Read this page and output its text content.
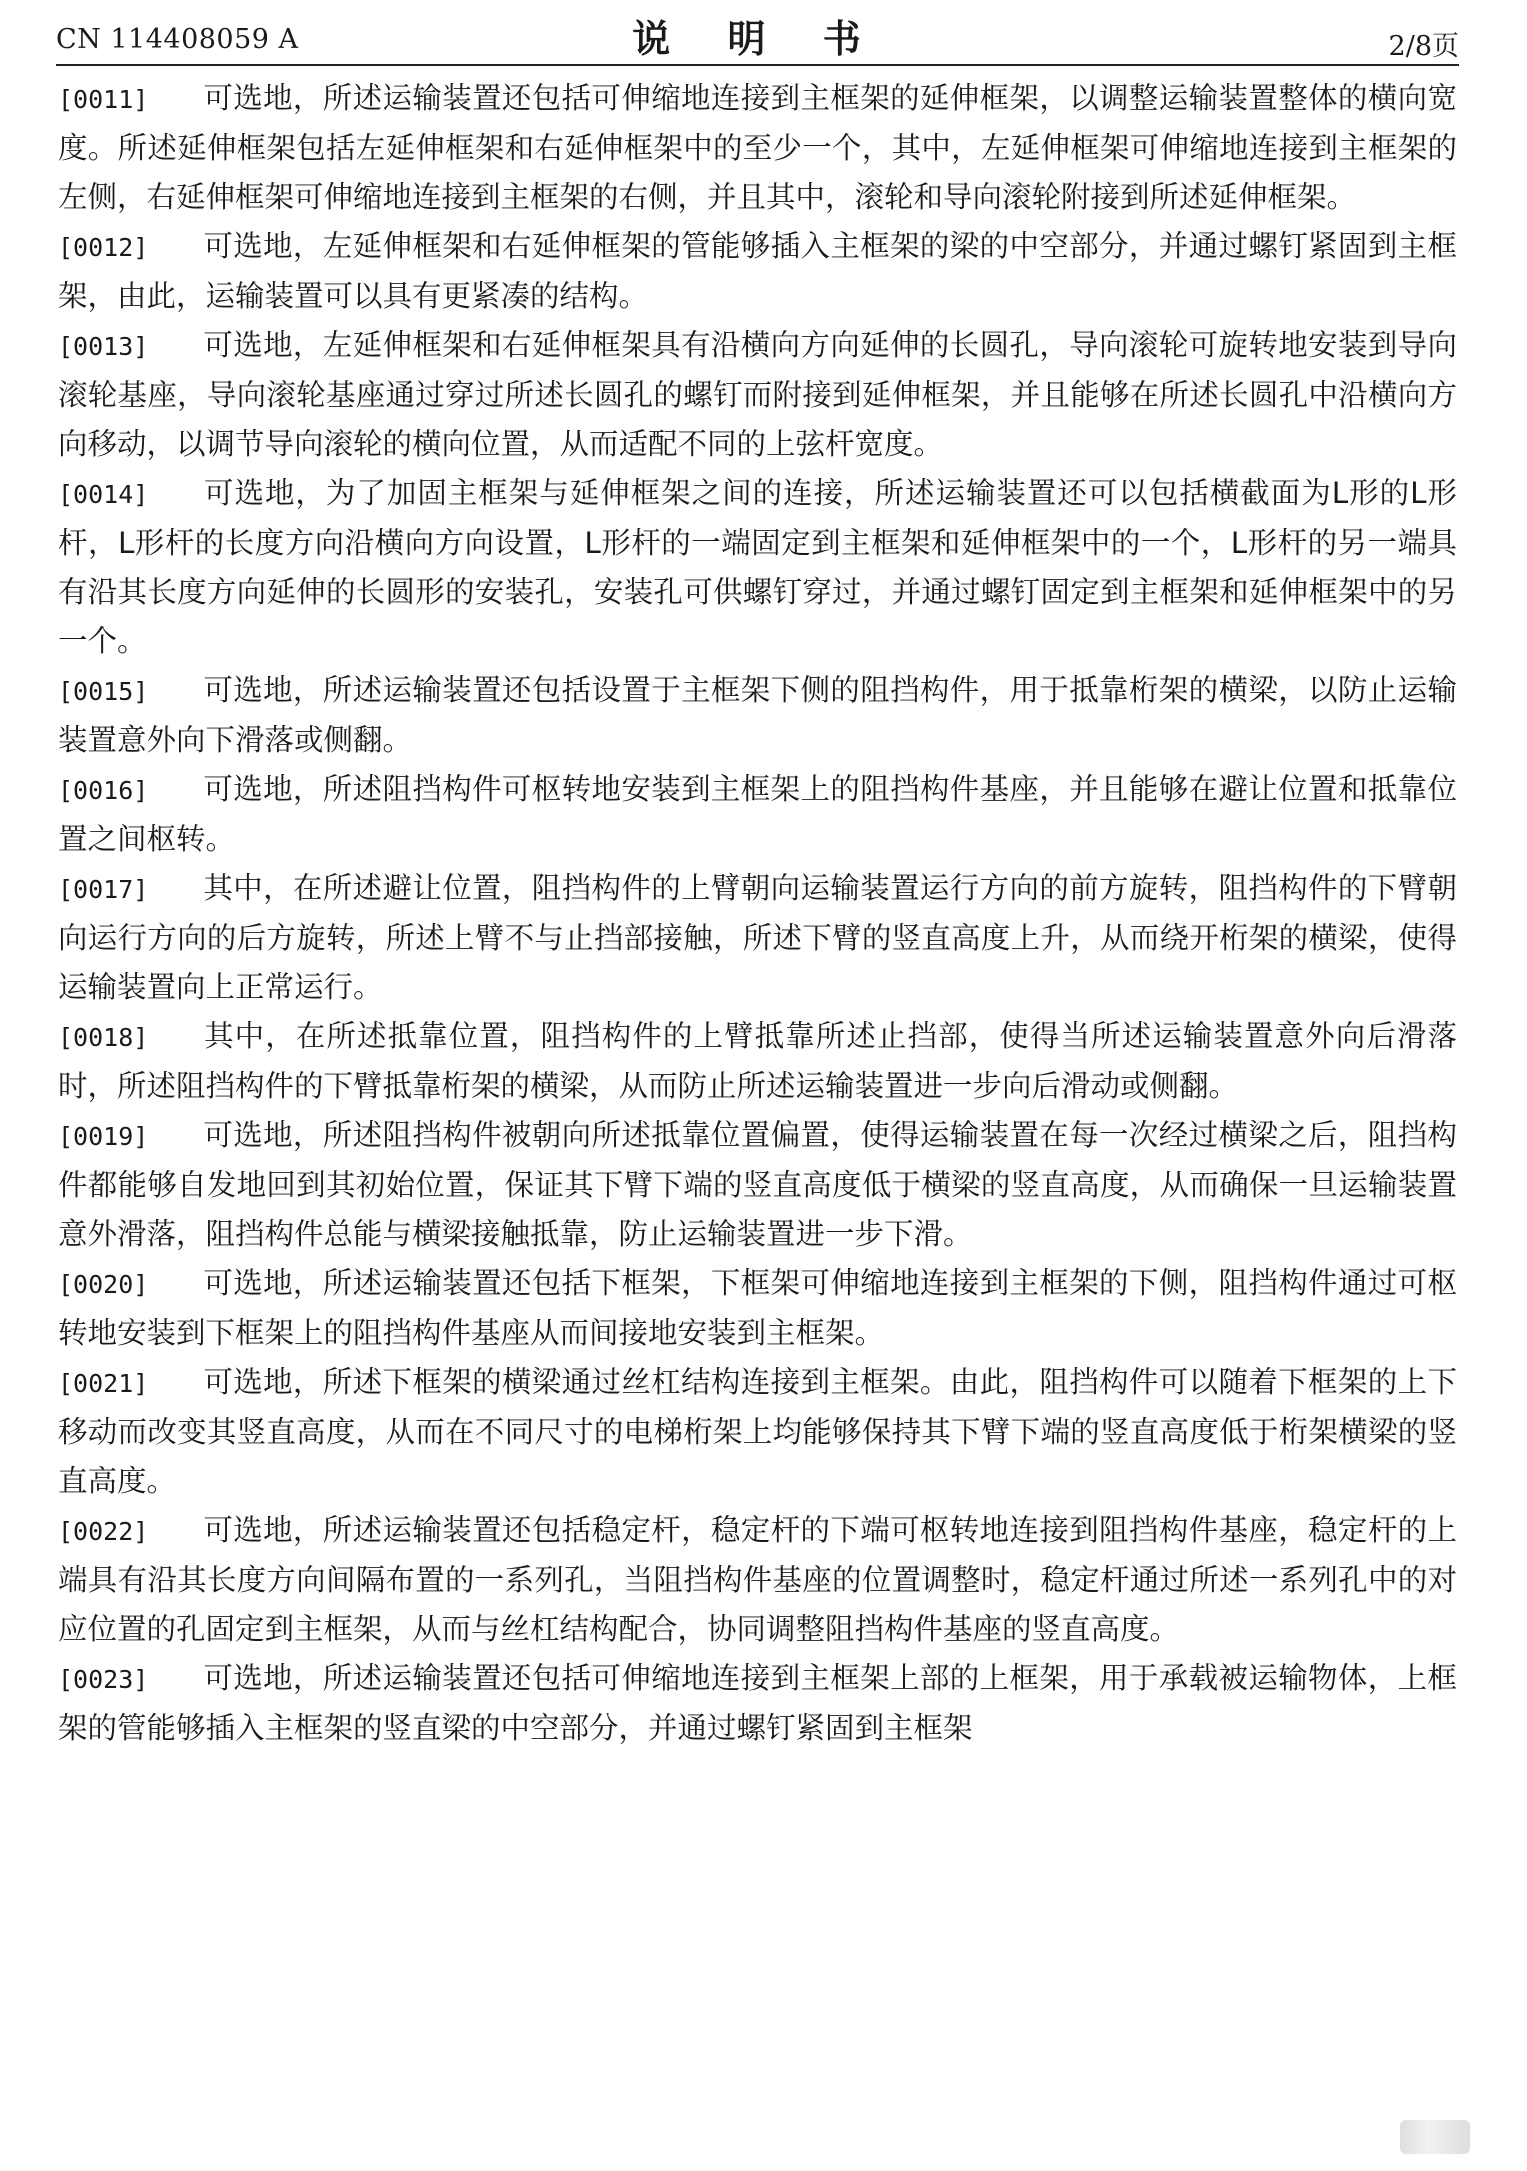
CN 114408059 A	说 明 书	2/8页

[0011] 可选地，所述运输装置还包括可伸缩地连接到主框架的延伸框架，以调整运输装置整体的横向宽度。所述延伸框架包括左延伸框架和右延伸框架中的至少一个，其中，左延伸框架可伸缩地连接到主框架的左侧，右延伸框架可伸缩地连接到主框架的右侧，并且其中，滚轮和导向滚轮附接到所述延伸框架。

[0012] 可选地，左延伸框架和右延伸框架的管能够插入主框架的梁的中空部分，并通过螺钉紧固到主框架，由此，运输装置可以具有更紧凑的结构。

[0013] 可选地，左延伸框架和右延伸框架具有沿横向方向延伸的长圆孔，导向滚轮可旋转地安装到导向滚轮基座，导向滚轮基座通过穿过所述长圆孔的螺钉而附接到延伸框架，并且能够在所述长圆孔中沿横向方向移动，以调节导向滚轮的横向位置，从而适配不同的上弦杆宽度。

[0014] 可选地，为了加固主框架与延伸框架之间的连接，所述运输装置还可以包括横截面为L形的L形杆，L形杆的长度方向沿横向方向设置，L形杆的一端固定到主框架和延伸框架中的一个，L形杆的另一端具有沿其长度方向延伸的长圆形的安装孔，安装孔可供螺钉穿过，并通过螺钉固定到主框架和延伸框架中的另一个。

[0015] 可选地，所述运输装置还包括设置于主框架下侧的阻挡构件，用于抵靠桁架的横梁，以防止运输装置意外向下滑落或侧翻。

[0016] 可选地，所述阻挡构件可枢转地安装到主框架上的阻挡构件基座，并且能够在避让位置和抵靠位置之间枢转。

[0017] 其中，在所述避让位置，阻挡构件的上臂朝向运输装置运行方向的前方旋转，阻挡构件的下臂朝向运行方向的后方旋转，所述上臂不与止挡部接触，所述下臂的竖直高度上升，从而绕开桁架的横梁，使得运输装置向上正常运行。

[0018] 其中，在所述抵靠位置，阻挡构件的上臂抵靠所述止挡部，使得当所述运输装置意外向后滑落时，所述阻挡构件的下臂抵靠桁架的横梁，从而防止所述运输装置进一步向后滑动或侧翻。

[0019] 可选地，所述阻挡构件被朝向所述抵靠位置偏置，使得运输装置在每一次经过横梁之后，阻挡构件都能够自发地回到其初始位置，保证其下臂下端的竖直高度低于横梁的竖直高度，从而确保一旦运输装置意外滑落，阻挡构件总能与横梁接触抵靠，防止运输装置进一步下滑。

[0020] 可选地，所述运输装置还包括下框架，下框架可伸缩地连接到主框架的下侧，阻挡构件通过可枢转地安装到下框架上的阻挡构件基座从而间接地安装到主框架。

[0021] 可选地，所述下框架的横梁通过丝杠结构连接到主框架。由此，阻挡构件可以随着下框架的上下移动而改变其竖直高度，从而在不同尺寸的电梯桁架上均能够保持其下臂下端的竖直高度低于桁架横梁的竖直高度。

[0022] 可选地，所述运输装置还包括稳定杆，稳定杆的下端可枢转地连接到阻挡构件基座，稳定杆的上端具有沿其长度方向间隔布置的一系列孔，当阻挡构件基座的位置调整时，稳定杆通过所述一系列孔中的对应位置的孔固定到主框架，从而与丝杠结构配合，协同调整阻挡构件基座的竖直高度。

[0023] 可选地，所述运输装置还包括可伸缩地连接到主框架上部的上框架，用于承载被运输物体，上框架的管能够插入主框架的竖直梁的中空部分，并通过螺钉紧固到主框架
